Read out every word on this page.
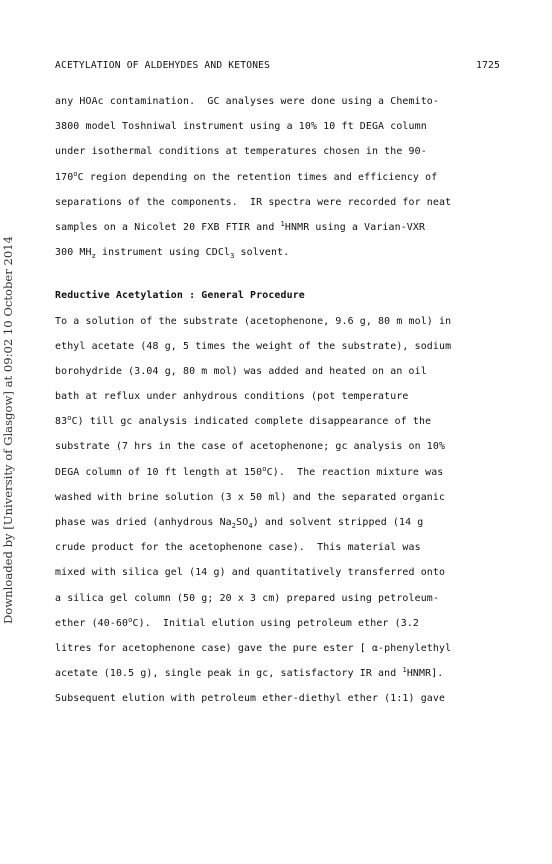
Downloaded by [University of Glasgow] at 09:02 10 October 2014
ACETYLATION OF ALDEHYDES AND KETONES	1725
any HOAc contamination.  GC analyses were done using a Chemito-
3800 model Toshniwal instrument using a 10% 10 ft DEGA column
under isothermal conditions at temperatures chosen in the 90-
170$^o$C region depending on the retention times and efficiency of
separations of the components.  IR spectra were recorded for neat
samples on a Nicolet 20 FXB FTIR and $^1$HNMR using a Varian-VXR
300 $MH_z$ instrument using CDCl$_3$ solvent.
Reductive Acetylation : General Procedure
To a solution of the substrate (acetophenone, 9.6 g, 80 m mol) in
ethyl acetate (48 g, 5 times the weight of the substrate), sodium
borohydride (3.04 g, 80 m mol) was added and heated on an oil
bath at reflux under anhydrous conditions (pot temperature
83$^o$C) till gc analysis indicated complete disappearance of the
substrate (7 hrs in the case of acetophenone; gc analysis on 10%
DEGA column of 10 ft length at 150$^o$C).  The reaction mixture was
washed with brine solution (3 x 50 ml) and the separated organic
phase was dried (anhydrous $Na_2SO_4$) and solvent stripped (14 g
crude product for the acetophenone case).  This material was
mixed with silica gel (14 g) and quantitatively transferred onto
a silica gel column (50 g; 20 x 3 cm) prepared using petroleum-
ether (40-60$^o$C).  Initial elution using petroleum ether (3.2
litres for acetophenone case) gave the pure ester [ α-phenylethyl
acetate (10.5 g), single peak in gc, satisfactory IR and $^1$HNMR].
Subsequent elution with petroleum ether-diethyl ether (1:1) gave
